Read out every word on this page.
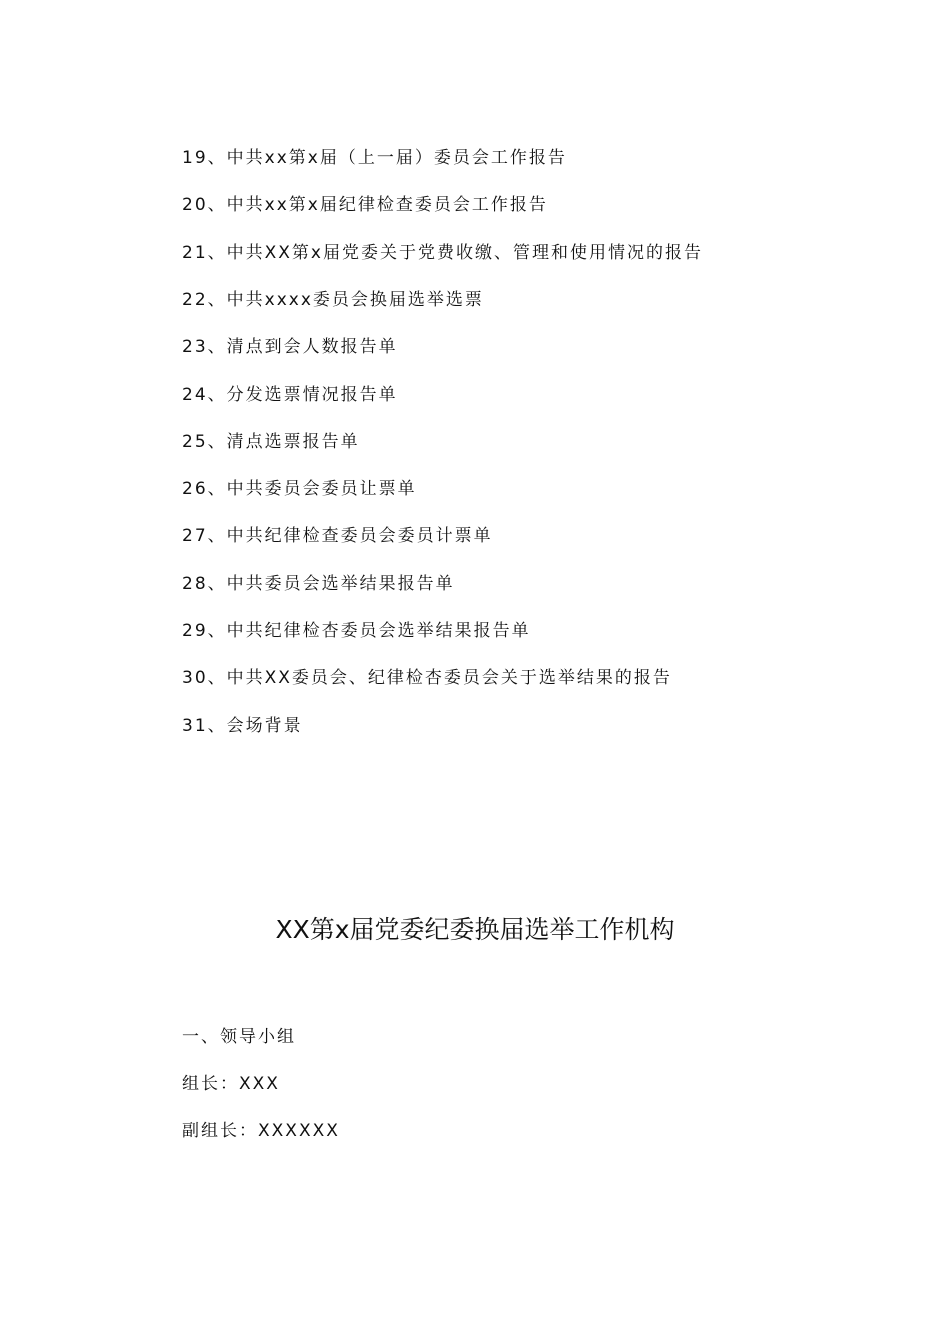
19、中共xx第x届（上一届）委员会工作报告
20、中共xx第x届纪律检查委员会工作报告
21、中共XX第x届党委关于党费收缴、管理和使用情况的报告
22、中共xxxx委员会换届选举选票
23、清点到会人数报告单
24、分发选票情况报告单
25、清点选票报告单
26、中共委员会委员让票单
27、中共纪律检查委员会委员计票单
28、中共委员会选举结果报告单
29、中共纪律检杏委员会选举结果报告单
30、中共XX委员会、纪律检杏委员会关于选举结果的报告
31、会场背景
XX第x届党委纪委换届选举工作机构
一、领导小组
组长：XXX
副组长：XXXXXX
